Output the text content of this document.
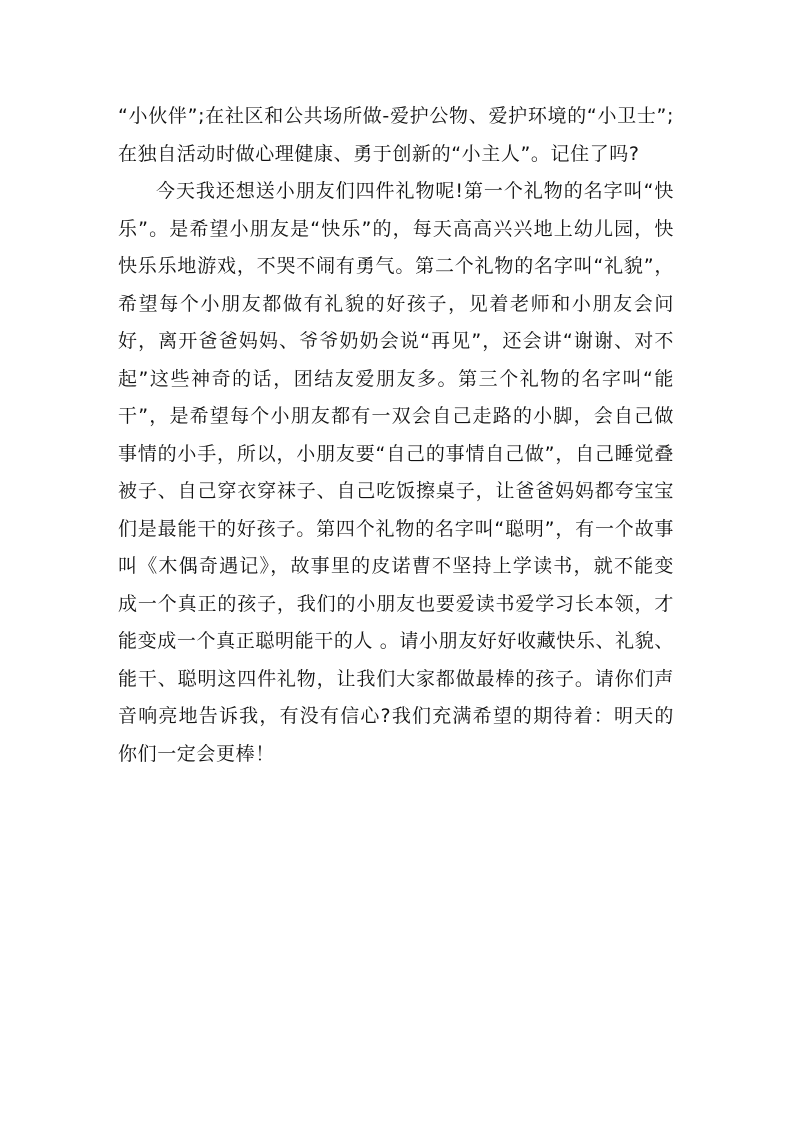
“小伙伴”;在社区和公共场所做-爱护公物、爱护环境的“小卫士”;在独自活动时做心理健康、勇于创新的“小主人”。记住了吗?

今天我还想送小朋友们四件礼物呢!第一个礼物的名字叫“快乐”。是希望小朋友是“快乐”的，每天高高兴兴地上幼儿园，快快乐乐地游戏，不哭不闹有勇气。第二个礼物的名字叫“礼貌”，希望每个小朋友都做有礼貌的好孩子，见着老师和小朋友会问好，离开爸爸妈妈、爷爷奶奶会说“再见”，还会讲“谢谢、对不起”这些神奇的话，团结友爱朋友多。第三个礼物的名字叫“能干”，是希望每个小朋友都有一双会自己走路的小脚，会自己做事情的小手，所以，小朋友要“自己的事情自己做”，自己睡觉叠被子、自己穿衣穿袜子、自己吃饭擦桌子，让爸爸妈妈都夸宝宝们是最能干的好孩子。第四个礼物的名字叫“聪明”，有一个故事叫《木偶奇遇记》，故事里的皮诺曹不坚持上学读书，就不能变成一个真正的孩子，我们的小朋友也要爱读书爱学习长本领，才能变成一个真正聪明能干的人 。请小朋友好好收藏快乐、礼貌、能干、聪明这四件礼物，让我们大家都做最棒的孩子。请你们声音响亮地告诉我，有没有信心?我们充满希望的期待着：明天的你们一定会更棒！
